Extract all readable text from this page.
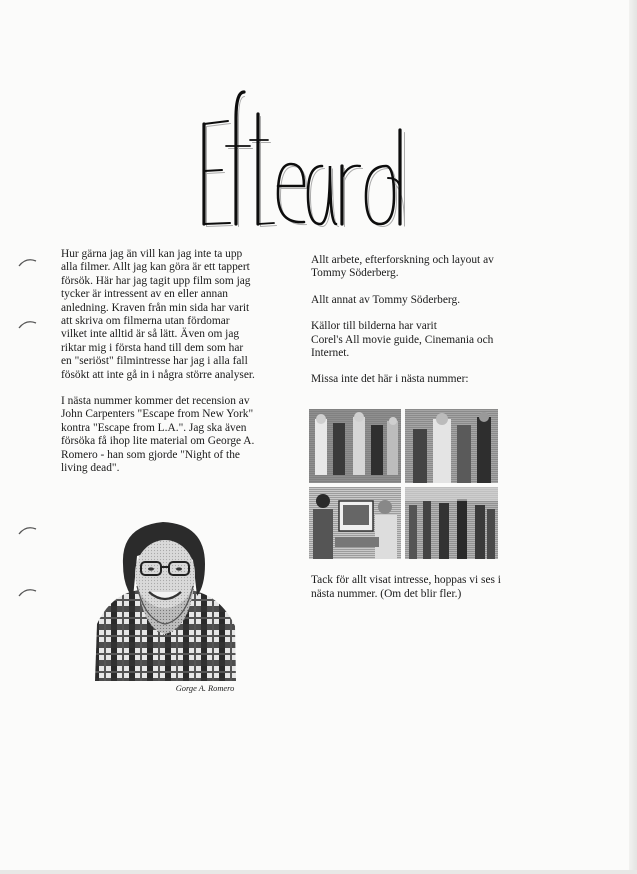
Hur gärna jag än vill kan jag inte ta upp

alla filmer. Allt jag kan göra är ett tappert

försök. Här har jag tagit upp film som jag

tycker är intressent av en eller annan

anledning. Kraven från min sida har varit

att skriva om filmerna utan fördomar

vilket inte alltid är så lätt. Även om jag

riktar mig i första hand till dem som har

en "seriöst" filmintresse har jag i alla fall

fösökt att inte gå in i några större analyser.

I nästa nummer kommer det recension av

John Carpenters "Escape from New York"

kontra "Escape from L.A.". Jag ska även

försöka få ihop lite material om George A.

Romero - han som gjorde "Night of the

living dead".

Gorge A. Romero

Allt arbete, efterforskning och layout av

Tommy Söderberg.

Allt annat av Tommy Söderberg.

Källor till bilderna har varit

Corel's All movie guide, Cinemania och

Internet.

Missa inte det här i nästa nummer:

Tack för allt visat intresse, hoppas vi ses i

nästa nummer. (Om det blir fler.)
